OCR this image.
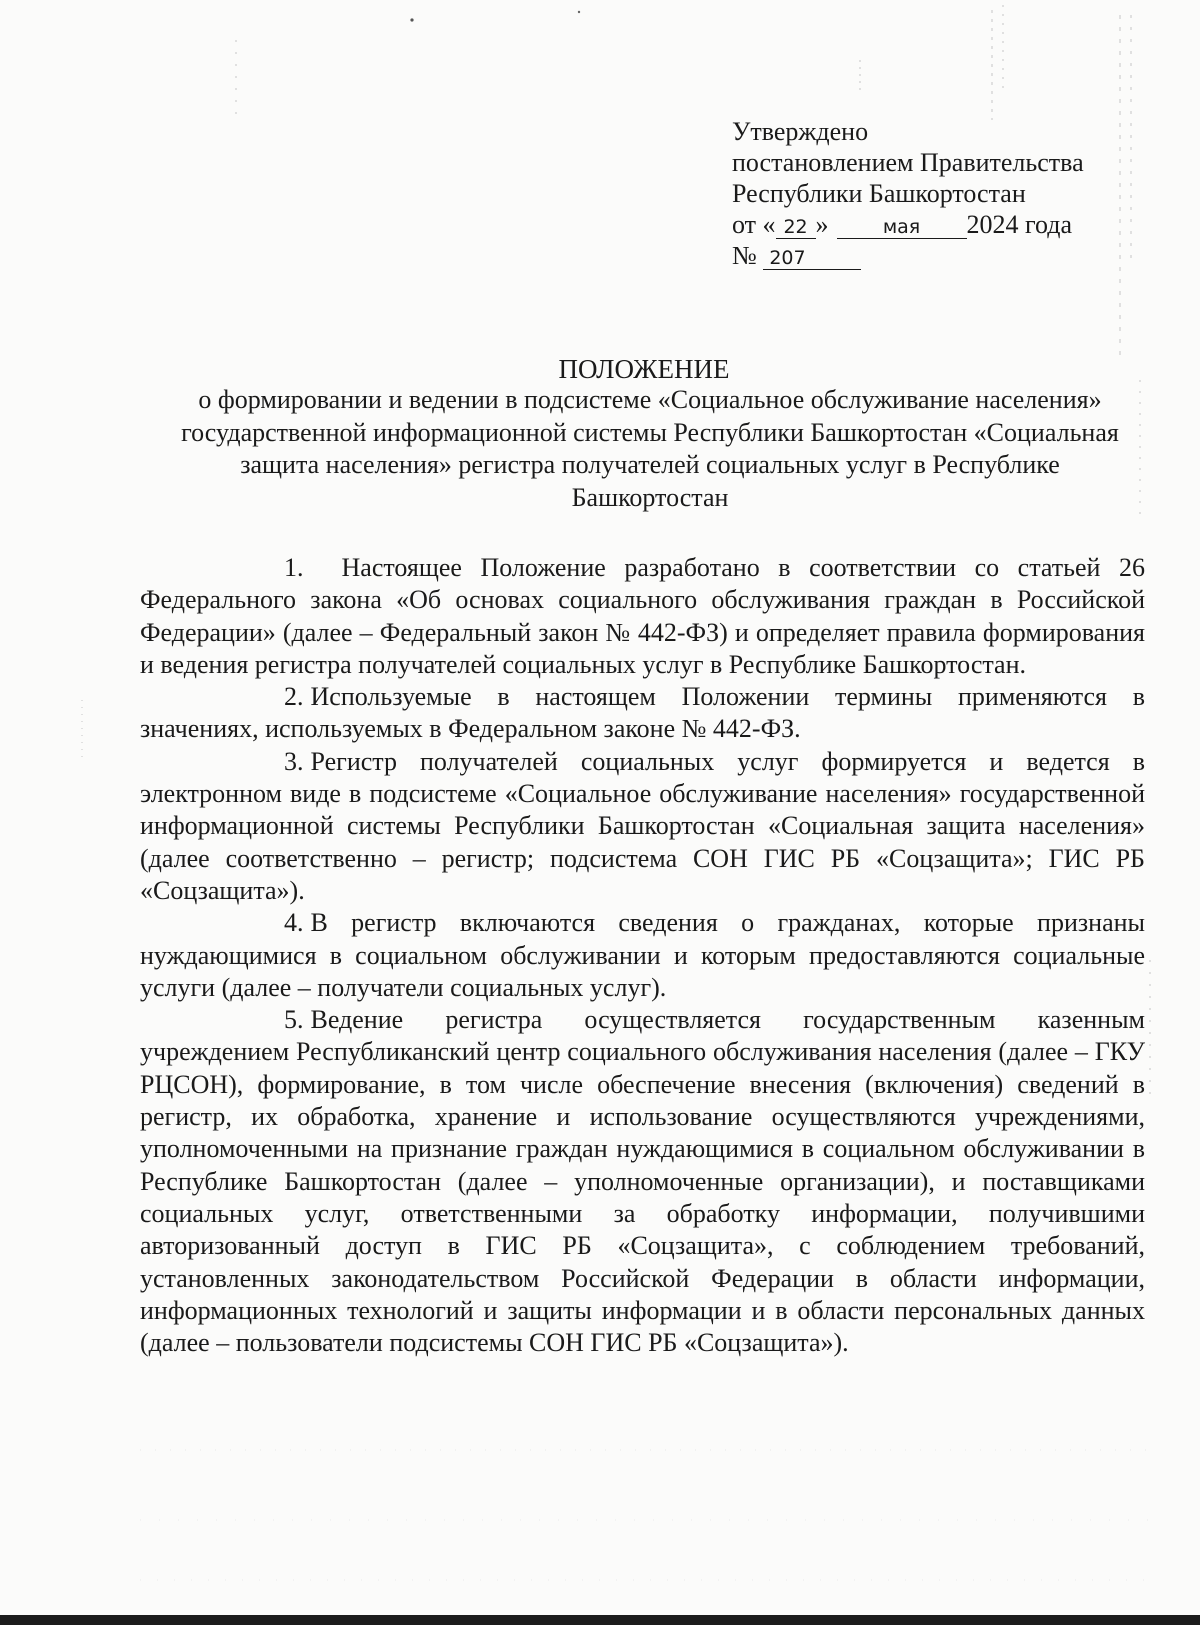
Утверждено
постановлением Правительства
Республики Башкортостан
от « 22 »	мая 2024 года
№ 207
ПОЛОЖЕНИЕ
о формировании и ведении в подсистеме «Социальное обслуживание населения» государственной информационной системы Республики Башкортостан «Социальная защита населения» регистра получателей социальных услуг в Республике Башкортостан

1. Настоящее Положение разработано в соответствии со статьей 26 Федерального закона «Об основах социального обслуживания граждан в Российской Федерации» (далее – Федеральный закон № 442-ФЗ) и определяет правила формирования и ведения регистра получателей социальных услуг в Республике Башкортостан.

2. Используемые в настоящем Положении термины применяются в значениях, используемых в Федеральном законе № 442-ФЗ.

3. Регистр получателей социальных услуг формируется и ведется в электронном виде в подсистеме «Социальное обслуживание населения» государственной информационной системы Республики Башкортостан «Социальная защита населения» (далее соответственно – регистр; подсистема СОН ГИС РБ «Соцзащита»; ГИС РБ «Соцзащита»).

4. В регистр включаются сведения о гражданах, которые признаны нуждающимися в социальном обслуживании и которым предоставляются социальные услуги (далее – получатели социальных услуг).

5. Ведение регистра осуществляется государственным казенным учреждением Республиканский центр социального обслуживания населения (далее – ГКУ РЦСОН), формирование, в том числе обеспечение внесения (включения) сведений в регистр, их обработка, хранение и использование осуществляются учреждениями, уполномоченными на признание граждан нуждающимися в социальном обслуживании в Республике Башкортостан (далее – уполномоченные организации), и поставщиками социальных услуг, ответственными за обработку информации, получившими авторизованный доступ в ГИС РБ «Соцзащита», с соблюдением требований, установленных законодательством Российской Федерации в области информации, информационных технологий и защиты информации и в области персональных данных (далее – пользователи подсистемы СОН ГИС РБ «Соцзащита»).
